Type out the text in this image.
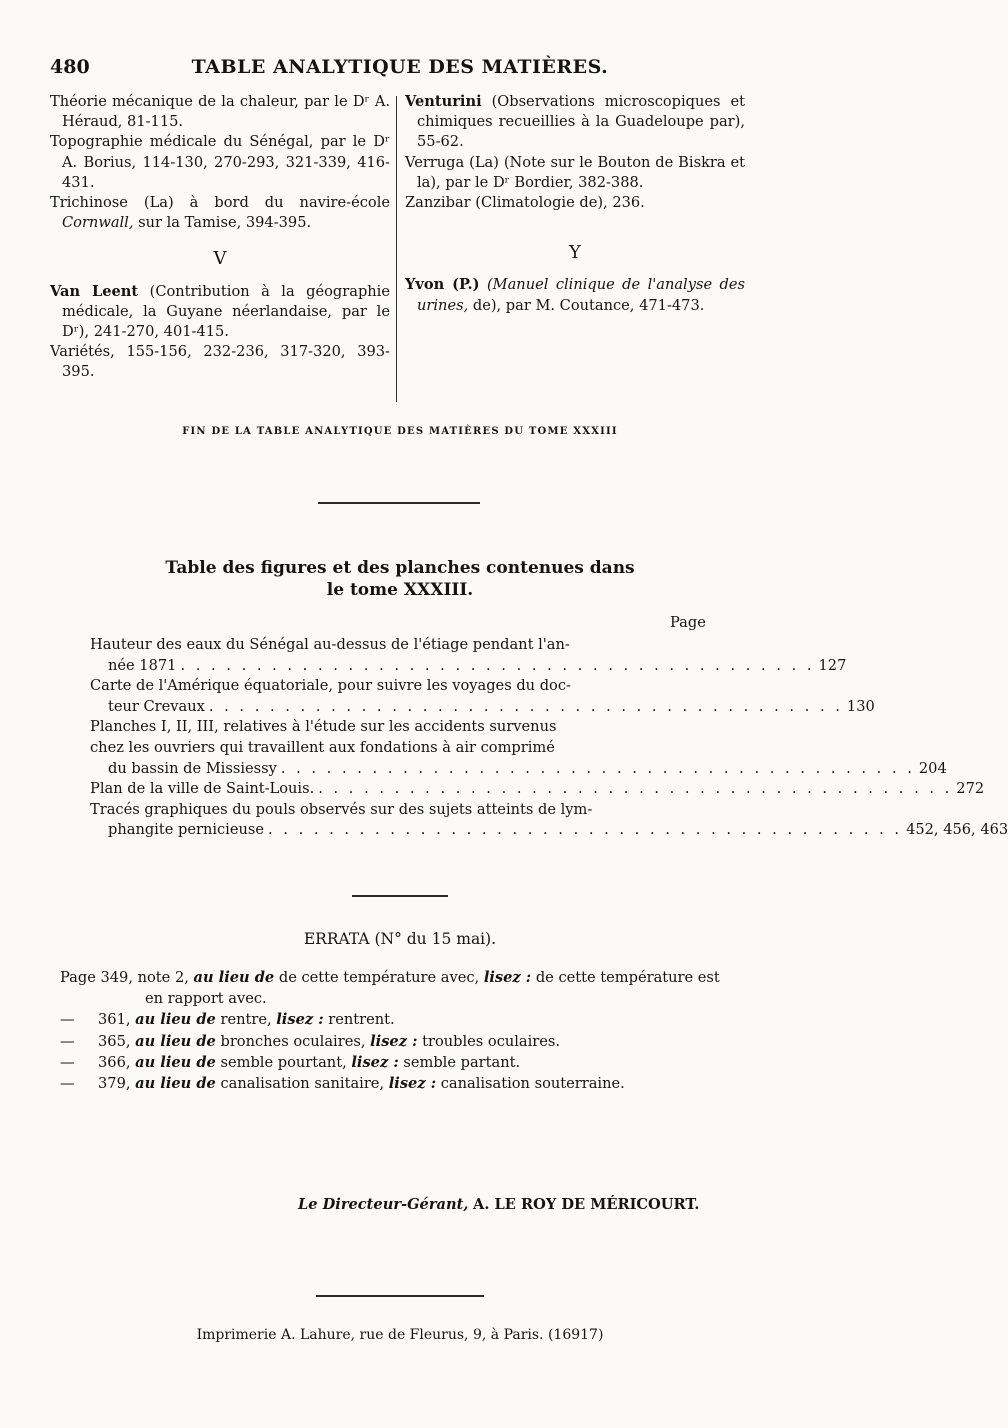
480	TABLE ANALYTIQUE DES MATIÈRES.
Théorie mécanique de la chaleur, par le Dʳ A. Héraud, 81-115.
Topographie médicale du Sénégal, par le Dʳ A. Borius, 114-130, 270-293, 321-339, 416-431.
Trichinose (La) à bord du navire-école Cornwall, sur la Tamise, 394-395.
V
Van Leent (Contribution à la géographie médicale, la Guyane néerlandaise, par le Dʳ), 241-270, 401-415.
Variétés, 155-156, 232-236, 317-320, 393-395.
Venturini (Observations microscopiques et chimiques recueillies à la Guadeloupe par), 55-62.
Verruga (La) (Note sur le Bouton de Biskra et la), par le Dʳ Bordier, 382-388.
Zanzibar (Climatologie de), 236.
Y
Yvon (P.) (Manuel clinique de l'analyse des urines, de), par M. Coutance, 471-473.
FIN DE LA TABLE ANALYTIQUE DES MATIÈRES DU TOME XXXIII
Table des figures et des planches contenues dans
le tome XXXIII.
Page
Hauteur des eaux du Sénégal au-dessus de l'étiage pendant l'an-
née 1871 . . . . . . . . . . . . . . . . . . . . . . . . . . . . . . . . . . . . . . . . . . 127
Carte de l'Amérique équatoriale, pour suivre les voyages du doc-
teur Crevaux . . . . . . . . . . . . . . . . . . . . . . . . . . . . . . . . . . . . . . . . . . 130
Planches I, II, III, relatives à l'étude sur les accidents survenus
chez les ouvriers qui travaillent aux fondations à air comprimé
du bassin de Missiessy . . . . . . . . . . . . . . . . . . . . . . . . . . . . . . . . . . . . . . . . . . 204
Plan de la ville de Saint-Louis. . . . . . . . . . . . . . . . . . . . . . . . . . . . . . . . . . . . . . . . . . . 272
Tracés graphiques du pouls observés sur des sujets atteints de lym-
phangite pernicieuse . . . . . . . . . . . . . . . . . . . . . . . . . . . . . . . . . . . . . . . . . . 452, 456, 463
ERRATA (N° du 15 mai).
Page 349, note 2, au lieu de de cette température avec, lisez : de cette température est en rapport avec.
— 361, au lieu de rentre, lisez : rentrent.
— 365, au lieu de bronches oculaires, lisez : troubles oculaires.
— 366, au lieu de semble pourtant, lisez : semble partant.
— 379, au lieu de canalisation sanitaire, lisez : canalisation souterraine.
Le Directeur-Gérant, A. LE ROY DE MÉRICOURT.
Imprimerie A. Lahure, rue de Fleurus, 9, à Paris. (16917)
